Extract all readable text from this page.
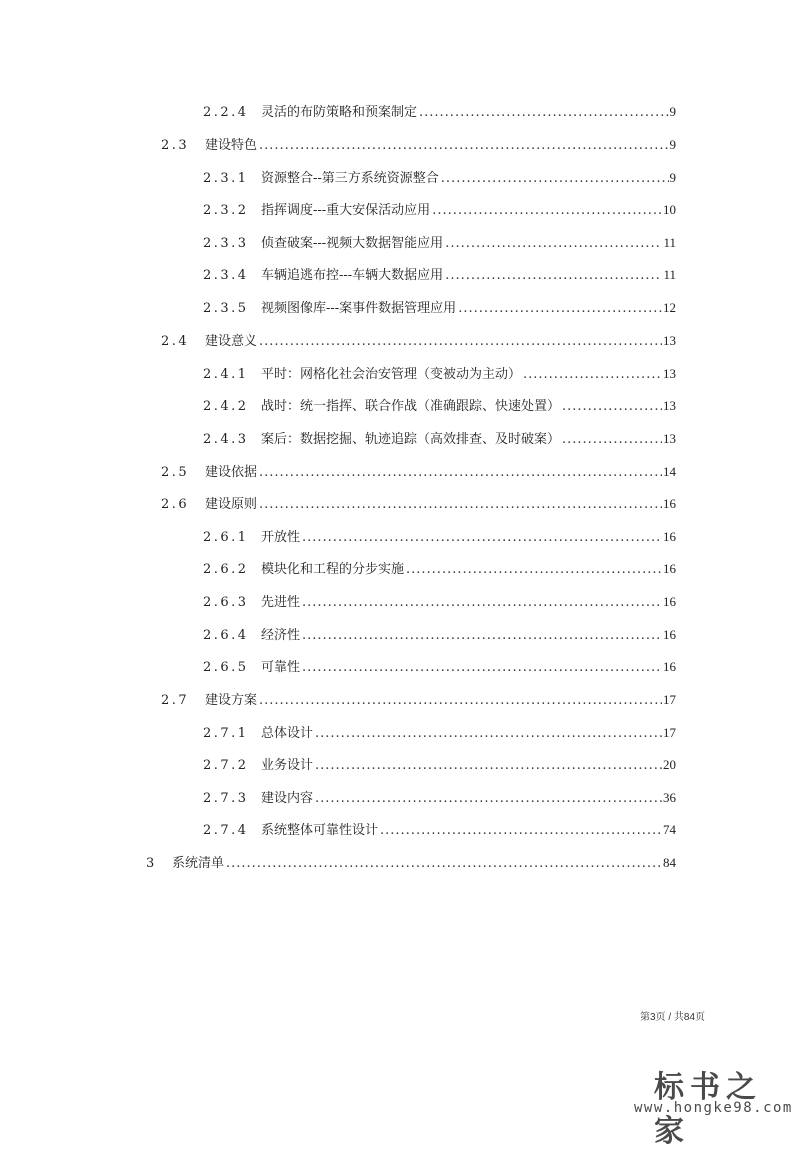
2.2.4 灵活的布防策略和预案制定 .....	9
2.3	建设特色 .....	9
2.3.1 资源整合--第三方系统资源整合 .....	9
2.3.2 指挥调度---重大安保活动应用 .....	10
2.3.3 侦查破案---视频大数据智能应用 .....	11
2.3.4 车辆追逃布控---车辆大数据应用 .....	11
2.3.5 视频图像库---案事件数据管理应用 .....	12
2.4	建设意义 .....	13
2.4.1 平时：网格化社会治安管理（变被动为主动） .....	13
2.4.2 战时：统一指挥、联合作战（准确跟踪、快速处置） .....	13
2.4.3 案后：数据挖掘、轨迹追踪（高效排查、及时破案） .....	13
2.5	建设依据 .....	14
2.6	建设原则 .....	16
2.6.1 开放性 .....	16
2.6.2 模块化和工程的分步实施 .....	16
2.6.3 先进性 .....	16
2.6.4 经济性 .....	16
2.6.5 可靠性 .....	16
2.7	建设方案 .....	17
2.7.1 总体设计 .....	17
2.7.2 业务设计 .....	20
2.7.3 建设内容 .....	36
2.7.4 系统整体可靠性设计 .....	74
3	系统清单 .....	84
第3页 / 共84页
标书之家
www.hongke98.com
